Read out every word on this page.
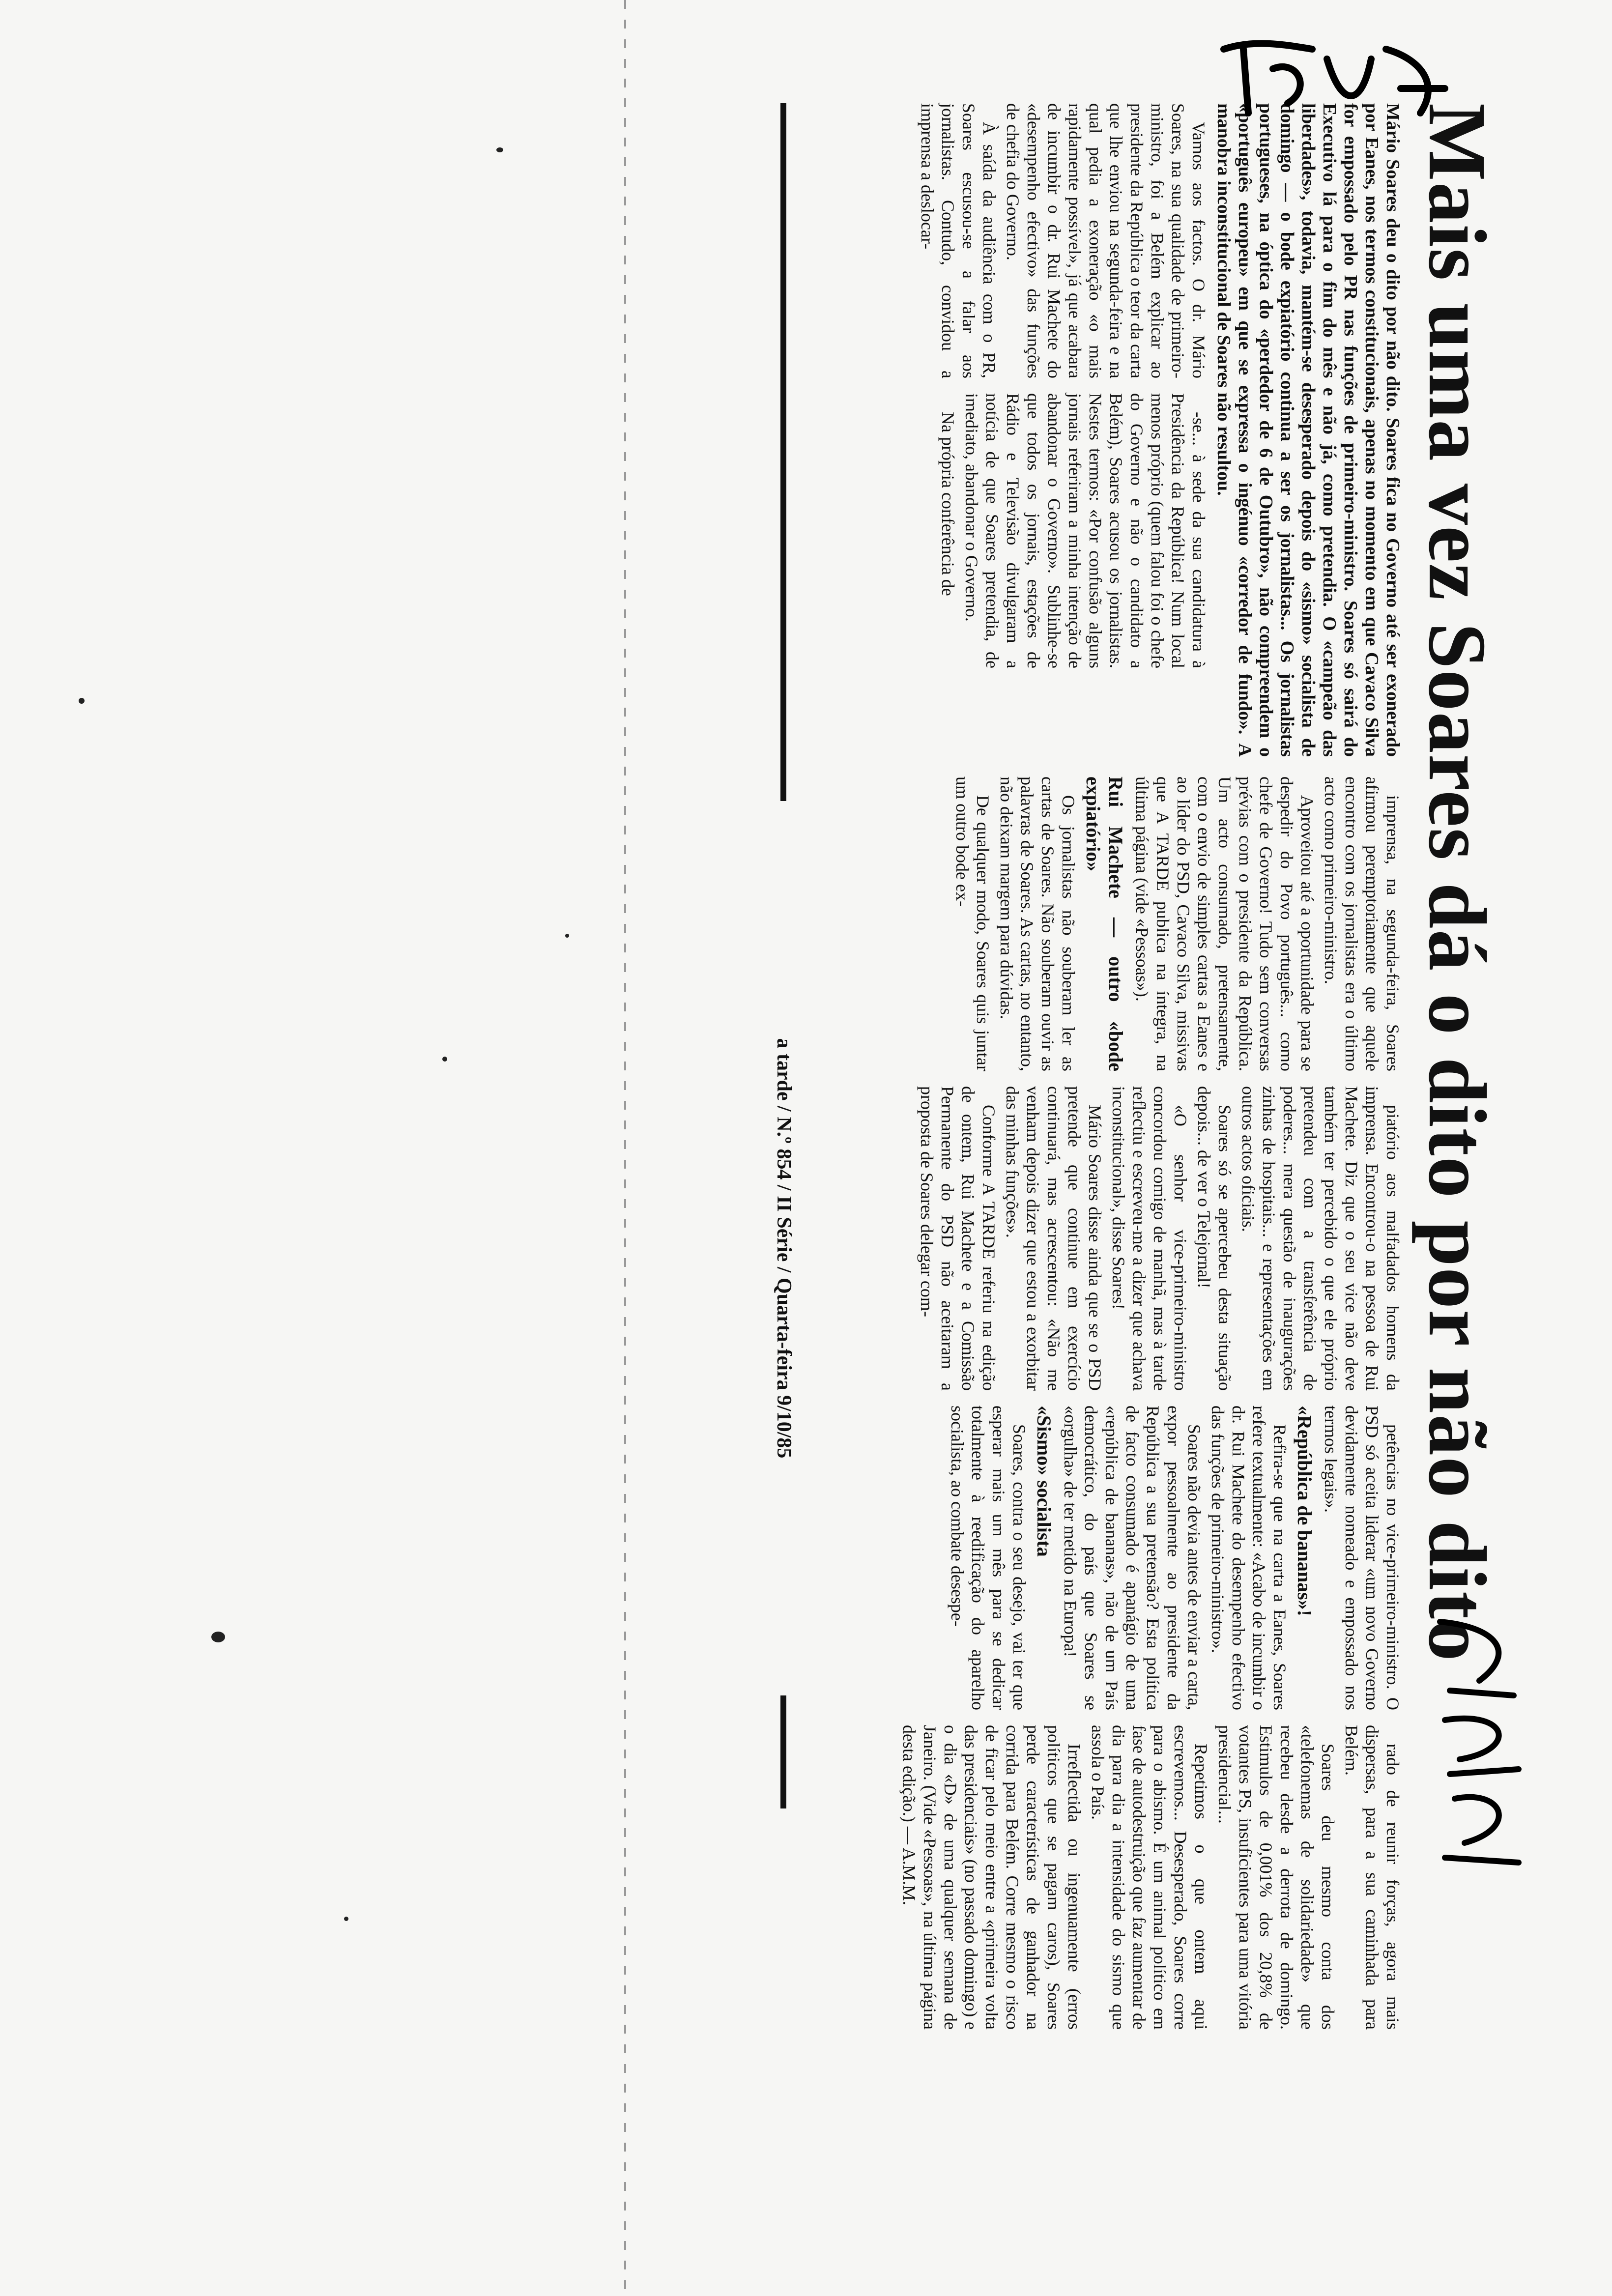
Mais uma vez Soares dá o dito por não dito
Mário Soares deu o dito por não dito. Soares fica no Governo até ser exonerado por Eanes, nos termos constitucionais, apenas no momento em que Cavaco Silva for empossado pelo PR nas funções de primeiro-ministro. Soares só sairá do Executivo lá para o fim do mês e não já, como pretendia. O «campeão das liberdades», todavia, mantém-se desesperado depois do «sismo» socialista de domingo — o bode expiatório continua a ser os jornalistas... Os jornalistas portugueses, na óptica do «perdedor de 6 de Outubro», não compreendem o «português europeu» em que se expressa o ingénuo «corredor de fundo». A manobra inconstitucional de Soares não resultou.

Vamos aos factos. O dr. Mário Soares, na sua qualidade de primeiro-ministro, foi a Belém explicar ao presidente da República o teor da carta que lhe enviou na segunda-feira e na qual pedia a exoneração «o mais rapidamente possível», já que acabara de incumbir o dr. Rui Machete do «desempenho efectivo» das funções de chefia do Governo.

À saída da audiência com o PR, Soares escusou-se a falar aos jornalistas. Contudo, convidou a imprensa a deslocar-

-se... à sede da sua candidatura à Presidência da República! Num local menos próprio (quem falou foi o chefe do Governo e não o candidato a Belém), Soares acusou os jornalistas. Nestes termos: «Por confusão alguns jornais referiram a minha intenção de abandonar o Governo». Sublinhe-se que todos os jornais, estações de Rádio e Televisão divulgaram a notícia de que Soares pretendia, de imediato, abandonar o Governo.

Na própria conferência de

imprensa, na segunda-feira, Soares afirmou peremptoriamente que aquele encontro com os jornalistas era o último acto como primeiro-ministro.

Aproveitou até a oportunidade para se despedir do Povo português... como chefe de Governo! Tudo sem conversas prévias com o presidente da República. Um acto consumado, pretensamente, com o envio de simples cartas a Eanes e ao líder do PSD, Cavaco Silva, missivas que A TARDE publica na íntegra, na última página (vide «Pessoas»).

Rui Machete — outro «bode expiatório»

Os jornalistas não souberam ler as cartas de Soares. Não souberam ouvir as palavras de Soares. As cartas, no entanto, não deixam margem para dúvidas.

De qualquer modo, Soares quis juntar um outro bode ex-

piatório aos malfadados homens da imprensa. Encontrou-o na pessoa de Rui Machete. Diz que o seu vice não deve também ter percebido o que ele próprio pretendeu com a transferência de poderes... mera questão de inaugurações zinhas de hospitais... e representações em outros actos oficiais.

Soares só se apercebeu desta situação depois... de ver o Telejornal!

«O senhor vice-primeiro-ministro concordou comigo de manhã, mas à tarde reflectiu e escreveu-me a dizer que achava inconstitucional», disse Soares!

Mário Soares disse ainda que se o PSD pretende que continue em exercício continuará, mas acrescentou: «Não me venham depois dizer que estou a exorbitar das minhas funções».

Conforme A TARDE referiu na edição de ontem, Rui Machete e a Comissão Permanente do PSD não aceitaram a proposta de Soares delegar com-

petências no vice-primeiro-ministro. O PSD só aceita liderar «um novo Governo devidamente nomeado e empossado nos termos legais».

«República de bananas»!

Refira-se que na carta a Eanes, Soares refere textualmente: «Acabo de incumbir o dr. Rui Machete do desempenho efectivo das funções de primeiro-ministro».

Soares não devia antes de enviar a carta, expor pessoalmente ao presidente da República a sua pretensão? Esta política de facto consumado é apanágio de uma «república de bananas», não de um País democrático, do país que Soares se «orgulha» de ter metido na Europa!

«Sismo» socialista

Soares, contra o seu desejo, vai ter que esperar mais um mês para se dedicar totalmente à reedificação do aparelho socialista, ao combate desespe-

rado de reunir forças, agora mais dispersas, para a sua caminhada para Belém.

Soares deu mesmo conta dos «telefonemas de solidariedade» que recebeu desde a derrota de domingo. Estimulos de 0,001% dos 20,8% de votantes PS, insuficientes para uma vitória presidencial...

Repetimos o que ontem aqui escrevemos... Desesperado, Soares corre para o abismo. É um animal político em fase de autodestruição que faz aumentar de dia para dia a intensidade do sismo que assola o País.

Irreflectida ou ingenuamente (erros políticos que se pagam caros), Soares perde características de ganhador na corrida para Belém. Corre mesmo o risco de ficar pelo meio entre a «primeira volta das presidenciais» (no passado domingo) e o dia «D» de uma qualquer semana de Janeiro. (Vide «Pessoas», na última página desta edição.) — A.M.M.

a tarde / N.º 854 / II Série / Quarta-feira 9/10/85
